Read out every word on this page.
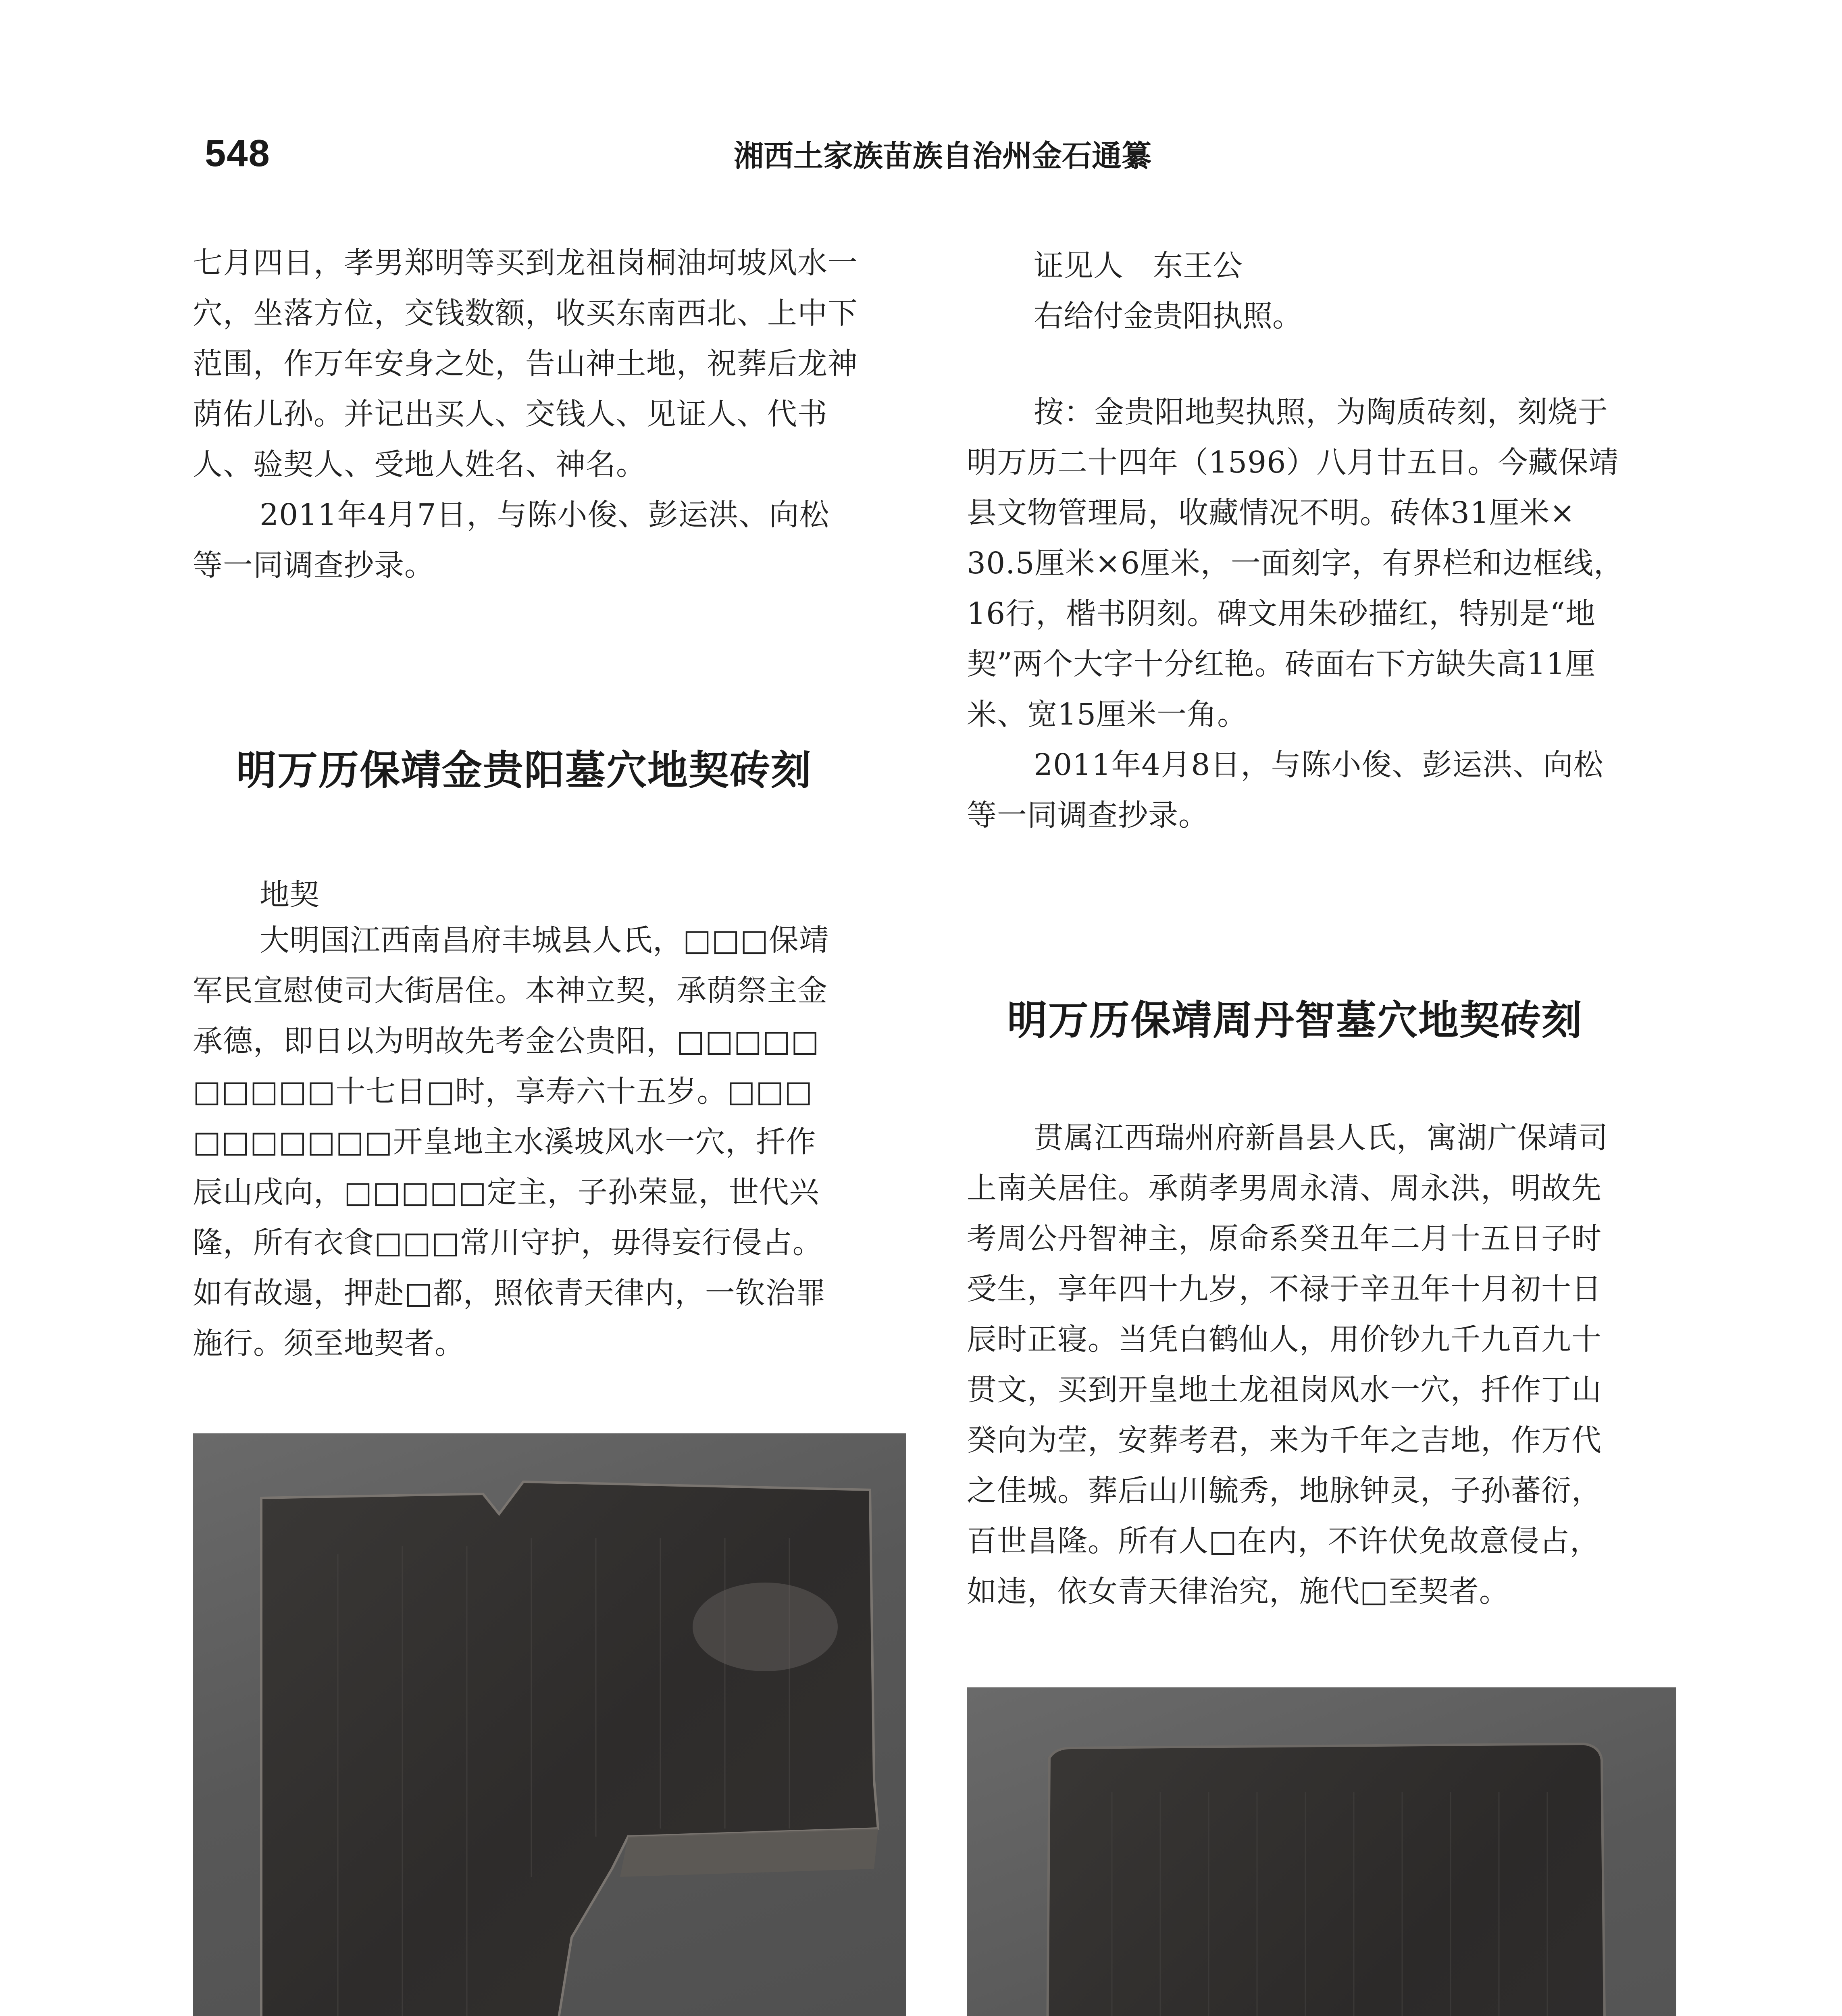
548	湘西土家族苗族自治州金石通纂
七月四日，孝男郑明等买到龙祖岗桐油坷坡风水一
穴，坐落方位，交钱数额，收买东南西北、上中下
范围，作万年安身之处，告山神土地，祝葬后龙神
荫佑儿孙。并记出买人、交钱人、见证人、代书
人、验契人、受地人姓名、神名。
2011年4月7日，与陈小俊、彭运洪、向松
等一同调查抄录。
明万历保靖金贵阳墓穴地契砖刻
地契
大明国江西南昌府丰城县人氏，□□□保靖
军民宣慰使司大街居住。本神立契，承荫祭主金
承德，即日以为明故先考金公贵阳，□□□□□
□□□□□十七日□时，享寿六十五岁。□□□
□□□□□□□开皇地主水溪坡风水一穴，扦作
辰山戌向，□□□□□定主，子孙荣显，世代兴
隆，所有衣食□□□常川守护，毋得妄行侵占。
如有故遢，押赴□都，照依青天律内，一钦治罪
施行。须至地契者。
证见人　东王公
右给付金贵阳执照。
按：金贵阳地契执照，为陶质砖刻，刻烧于
明万历二十四年（1596）八月廿五日。今藏保靖
县文物管理局，收藏情况不明。砖体31厘米×
30.5厘米×6厘米，一面刻字，有界栏和边框线，
16行，楷书阴刻。碑文用朱砂描红，特别是“地
契”两个大字十分红艳。砖面右下方缺失高11厘
米、宽15厘米一角。
2011年4月8日，与陈小俊、彭运洪、向松
等一同调查抄录。
明万历保靖周丹智墓穴地契砖刻
贯属江西瑞州府新昌县人氏，寓湖广保靖司
上南关居住。承荫孝男周永清、周永洪，明故先
考周公丹智神主，原命系癸丑年二月十五日子时
受生，享年四十九岁，不禄于辛丑年十月初十日
辰时正寝。当凭白鹤仙人，用价钞九千九百九十
贯文，买到开皇地土龙祖岗风水一穴，扦作丁山
癸向为茔，安葬考君，来为千年之吉地，作万代
之佳城。葬后山川毓秀，地脉钟灵，子孙蕃衍，
百世昌隆。所有人□在内，不许伏免故意侵占，
如违，依女青天律治究，施代□至契者。
